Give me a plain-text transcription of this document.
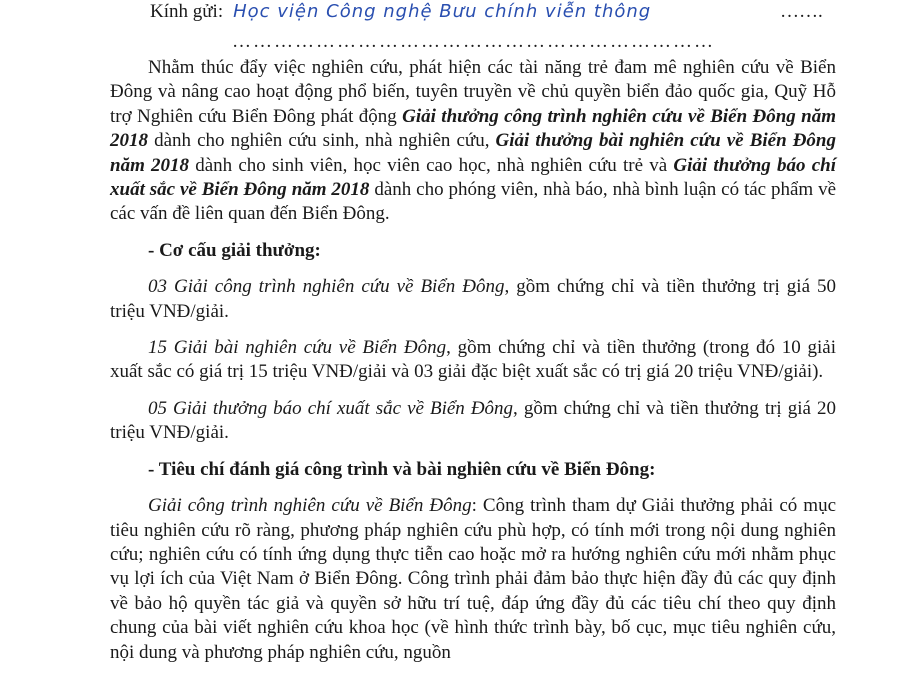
Kính gửi: Học viện Công nghệ Bưu chính viễn thông	…….
……………………………………………………………

Nhằm thúc đẩy việc nghiên cứu, phát hiện các tài năng trẻ đam mê nghiên cứu về Biển Đông và nâng cao hoạt động phổ biến, tuyên truyền về chủ quyền biển đảo quốc gia, Quỹ Hỗ trợ Nghiên cứu Biển Đông phát động Giải thưởng công trình nghiên cứu về Biển Đông năm 2018 dành cho nghiên cứu sinh, nhà nghiên cứu, Giải thưởng bài nghiên cứu về Biển Đông năm 2018 dành cho sinh viên, học viên cao học, nhà nghiên cứu trẻ và Giải thưởng báo chí xuất sắc về Biển Đông năm 2018 dành cho phóng viên, nhà báo, nhà bình luận có tác phẩm về các vấn đề liên quan đến Biển Đông.

- Cơ cấu giải thưởng:

03 Giải công trình nghiên cứu về Biển Đông, gồm chứng chỉ và tiền thưởng trị giá 50 triệu VNĐ/giải.

15 Giải bài nghiên cứu về Biển Đông, gồm chứng chỉ và tiền thưởng (trong đó 10 giải xuất sắc có giá trị 15 triệu VNĐ/giải và 03 giải đặc biệt xuất sắc có trị giá 20 triệu VNĐ/giải).

05 Giải thưởng báo chí xuất sắc về Biển Đông, gồm chứng chỉ và tiền thưởng trị giá 20 triệu VNĐ/giải.

- Tiêu chí đánh giá công trình và bài nghiên cứu về Biển Đông:

Giải công trình nghiên cứu về Biển Đông: Công trình tham dự Giải thưởng phải có mục tiêu nghiên cứu rõ ràng, phương pháp nghiên cứu phù hợp, có tính mới trong nội dung nghiên cứu; nghiên cứu có tính ứng dụng thực tiễn cao hoặc mở ra hướng nghiên cứu mới nhằm phục vụ lợi ích của Việt Nam ở Biển Đông. Công trình phải đảm bảo thực hiện đầy đủ các quy định về bảo hộ quyền tác giả và quyền sở hữu trí tuệ, đáp ứng đầy đủ các tiêu chí theo quy định chung của bài viết nghiên cứu khoa học (về hình thức trình bày, bố cục, mục tiêu nghiên cứu, nội dung và phương pháp nghiên cứu, nguồn
